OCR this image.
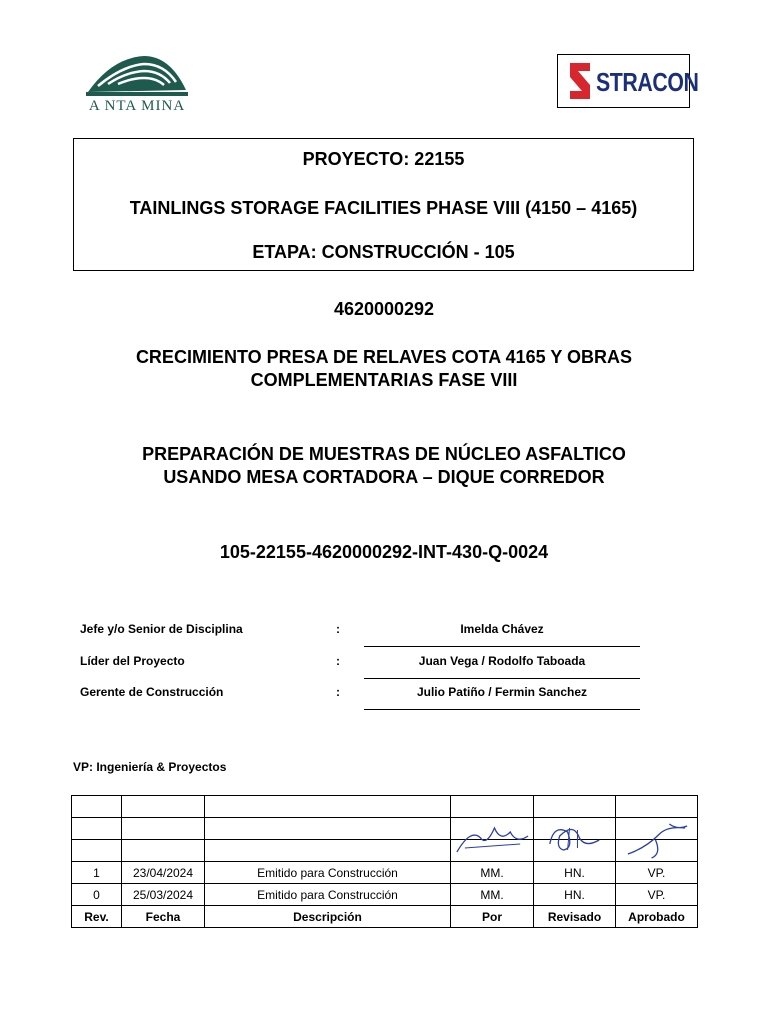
A NTA MINA
STRACON
PROYECTO: 22155
TAINLINGS STORAGE FACILITIES PHASE VIII (4150 – 4165)
ETAPA: CONSTRUCCIÓN - 105
4620000292
CRECIMIENTO PRESA DE RELAVES COTA 4165 Y OBRAS
COMPLEMENTARIAS FASE VIII
PREPARACIÓN DE MUESTRAS DE NÚCLEO ASFALTICO
USANDO MESA CORTADORA – DIQUE CORREDOR
105-22155-4620000292-INT-430-Q-0024
Jefe y/o Senior de Disciplina	:	Imelda Chávez
Líder del Proyecto	:	Juan Vega / Rodolfo Taboada
Gerente de Construcción	:	Julio Patiño / Fermin Sanchez
VP: Ingeniería & Proyectos

1	23/04/2024	Emitido para Construcción	MM.	HN.	VP.
0	25/03/2024	Emitido para Construcción	MM.	HN.	VP.
Rev.	Fecha	Descripción	Por	Revisado	Aprobado
